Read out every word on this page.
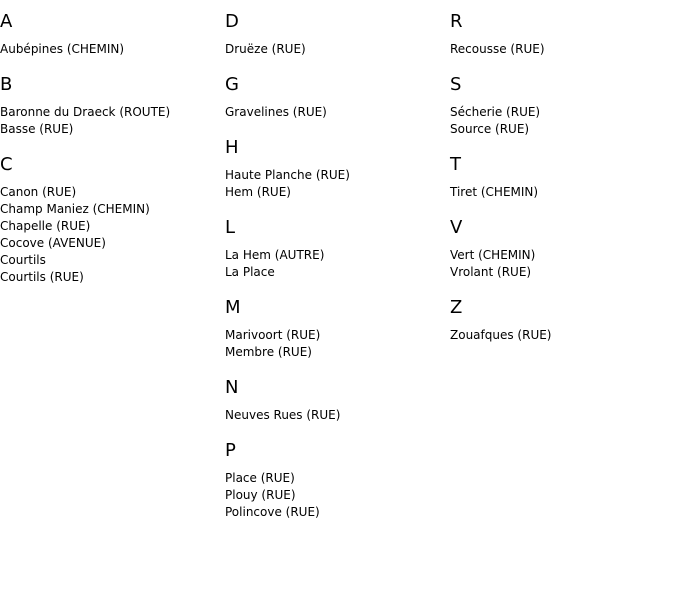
A
Aubépines (CHEMIN)
B
Baronne du Draeck (ROUTE)
Basse (RUE)
C
Canon (RUE)
Champ Maniez (CHEMIN)
Chapelle (RUE)
Cocove (AVENUE)
Courtils
Courtils (RUE)
D
Druëze (RUE)
G
Gravelines (RUE)
H
Haute Planche (RUE)
Hem (RUE)
L
La Hem (AUTRE)
La Place
M
Marivoort (RUE)
Membre (RUE)
N
Neuves Rues (RUE)
P
Place (RUE)
Plouy (RUE)
Polincove (RUE)
R
Recousse (RUE)
S
Sécherie (RUE)
Source (RUE)
T
Tiret (CHEMIN)
V
Vert (CHEMIN)
Vrolant (RUE)
Z
Zouafques (RUE)
